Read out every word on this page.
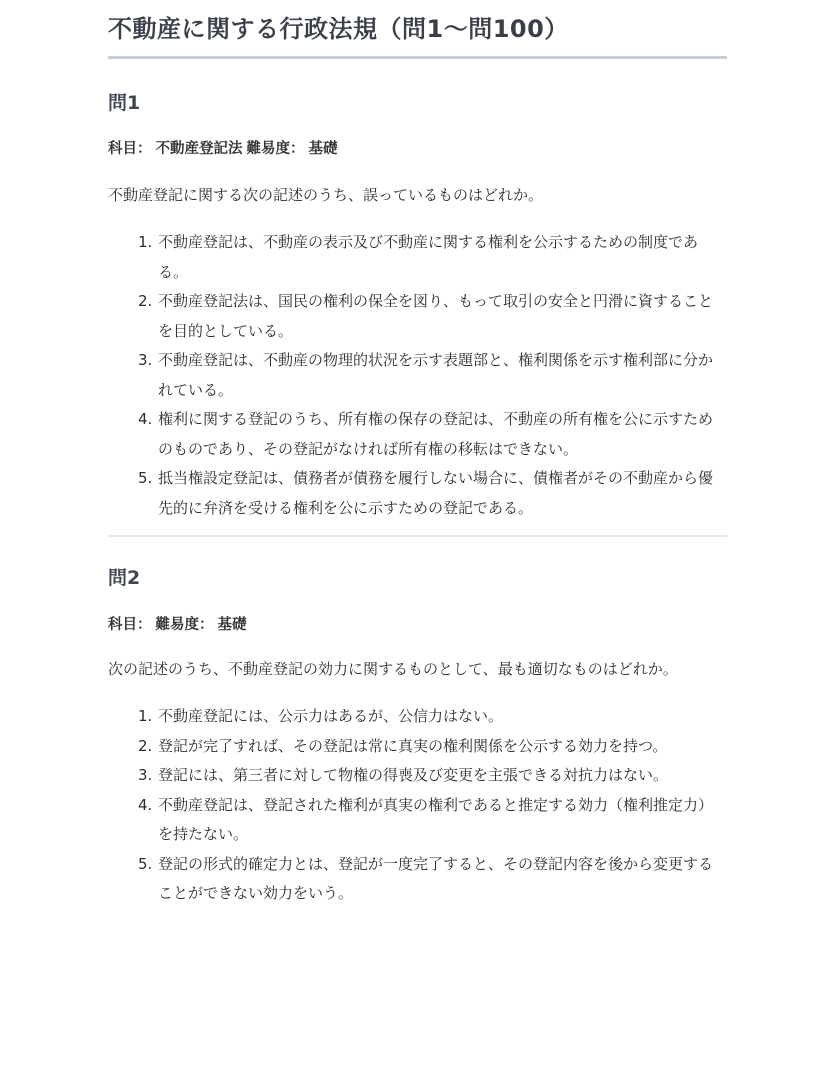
不動産に関する行政法規（問1〜問100）
問1
科目： 不動産登記法 難易度： 基礎

不動産登記に関する次の記述のうち、誤っているものはどれか。

1. 不動産登記は、不動産の表示及び不動産に関する権利を公示するための制度である。
2. 不動産登記法は、国民の権利の保全を図り、もって取引の安全と円滑に資することを目的としている。
3. 不動産登記は、不動産の物理的状況を示す表題部と、権利関係を示す権利部に分かれている。
4. 権利に関する登記のうち、所有権の保存の登記は、不動産の所有権を公に示すためのものであり、その登記がなければ所有権の移転はできない。
5. 抵当権設定登記は、債務者が債務を履行しない場合に、債権者がその不動産から優先的に弁済を受ける権利を公に示すための登記である。
問2
科目： 難易度： 基礎

次の記述のうち、不動産登記の効力に関するものとして、最も適切なものはどれか。

1. 不動産登記には、公示力はあるが、公信力はない。
2. 登記が完了すれば、その登記は常に真実の権利関係を公示する効力を持つ。
3. 登記には、第三者に対して物権の得喪及び変更を主張できる対抗力はない。
4. 不動産登記は、登記された権利が真実の権利であると推定する効力（権利推定力）を持たない。
5. 登記の形式的確定力とは、登記が一度完了すると、その登記内容を後から変更することができない効力をいう。
